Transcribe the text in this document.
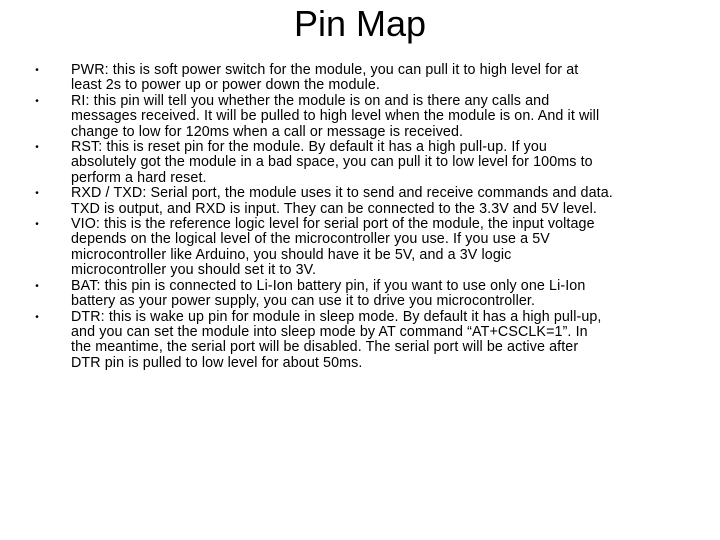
Pin Map
• PWR: this is soft power switch for the module, you can pull it to high level for at
least 2s to power up or power down the module.
• RI: this pin will tell you whether the module is on and is there any calls and
messages received. It will be pulled to high level when the module is on. And it will
change to low for 120ms when a call or message is received.
• RST: this is reset pin for the module. By default it has a high pull-up. If you
absolutely got the module in a bad space, you can pull it to low level for 100ms to
perform a hard reset.
• RXD / TXD: Serial port, the module uses it to send and receive commands and data.
TXD is output, and RXD is input. They can be connected to the 3.3V and 5V level.
• VIO: this is the reference logic level for serial port of the module, the input voltage
depends on the logical level of the microcontroller you use. If you use a 5V
microcontroller like Arduino, you should have it be 5V, and a 3V logic
microcontroller you should set it to 3V.
• BAT: this pin is connected to Li-Ion battery pin, if you want to use only one Li-Ion
battery as your power supply, you can use it to drive you microcontroller.
• DTR: this is wake up pin for module in sleep mode. By default it has a high pull-up,
and you can set the module into sleep mode by AT command “AT+CSCLK=1”. In
the meantime, the serial port will be disabled. The serial port will be active after
DTR pin is pulled to low level for about 50ms.
